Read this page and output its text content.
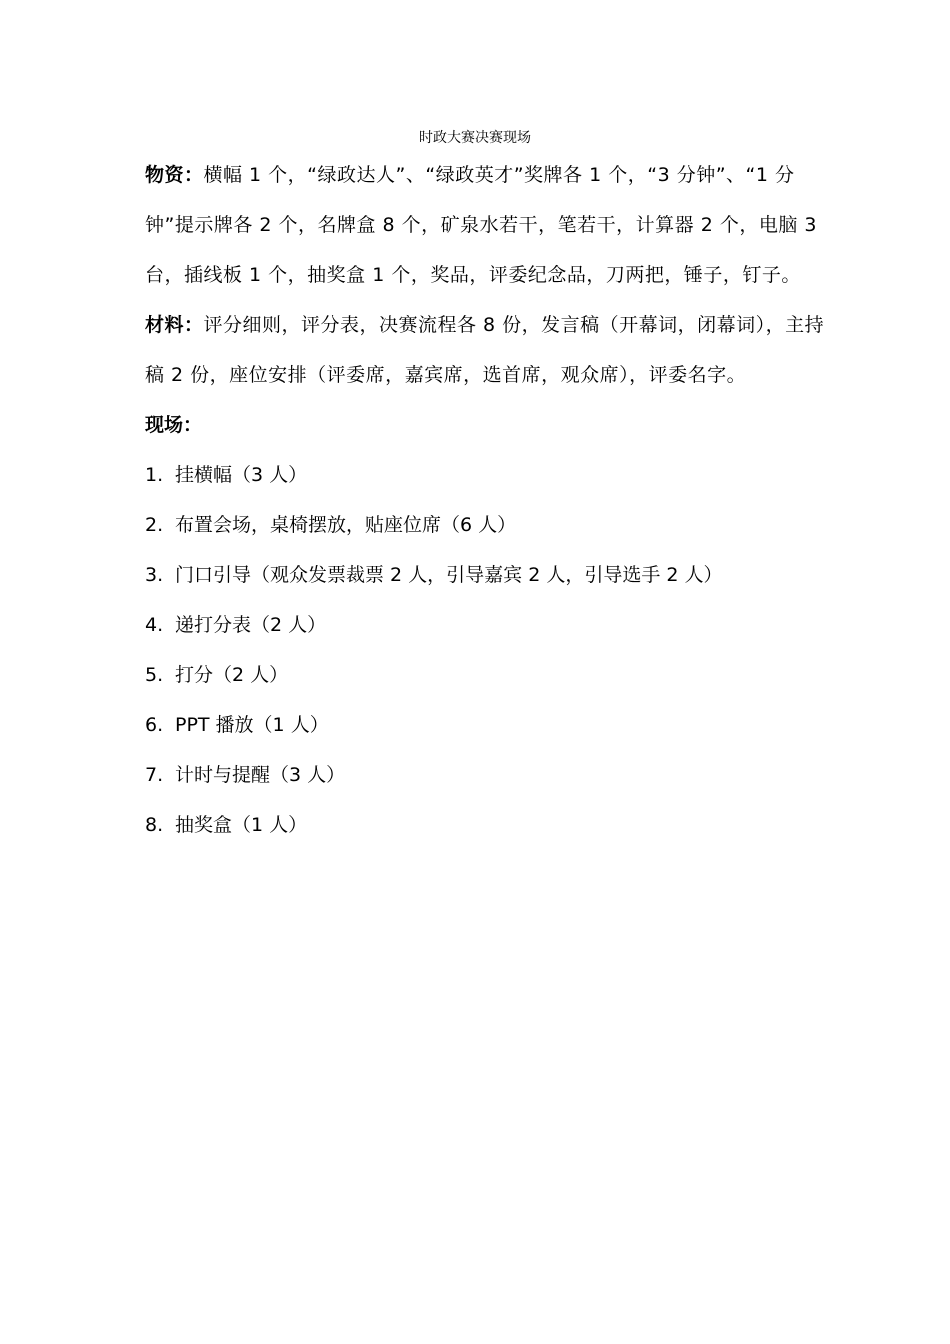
时政大赛决赛现场

物资：横幅 1 个，“绿政达人”、“绿政英才”奖牌各 1 个，“3 分钟”、“1 分钟”提示牌各 2 个，名牌盒 8 个，矿泉水若干，笔若干，计算器 2 个，电脑 3 台，插线板 1 个，抽奖盒 1 个，奖品，评委纪念品，刀两把，锤子，钉子。

材料：评分细则，评分表，决赛流程各 8 份，发言稿（开幕词，闭幕词），主持稿 2 份，座位安排（评委席，嘉宾席，选首席，观众席），评委名字。

现场：

1. 挂横幅（3 人）
2. 布置会场，桌椅摆放，贴座位席（6 人）
3. 门口引导（观众发票裁票 2 人，引导嘉宾 2 人，引导选手 2 人）
4. 递打分表（2 人）
5. 打分（2 人）
6. PPT 播放（1 人）
7. 计时与提醒（3 人）
8. 抽奖盒（1 人）
